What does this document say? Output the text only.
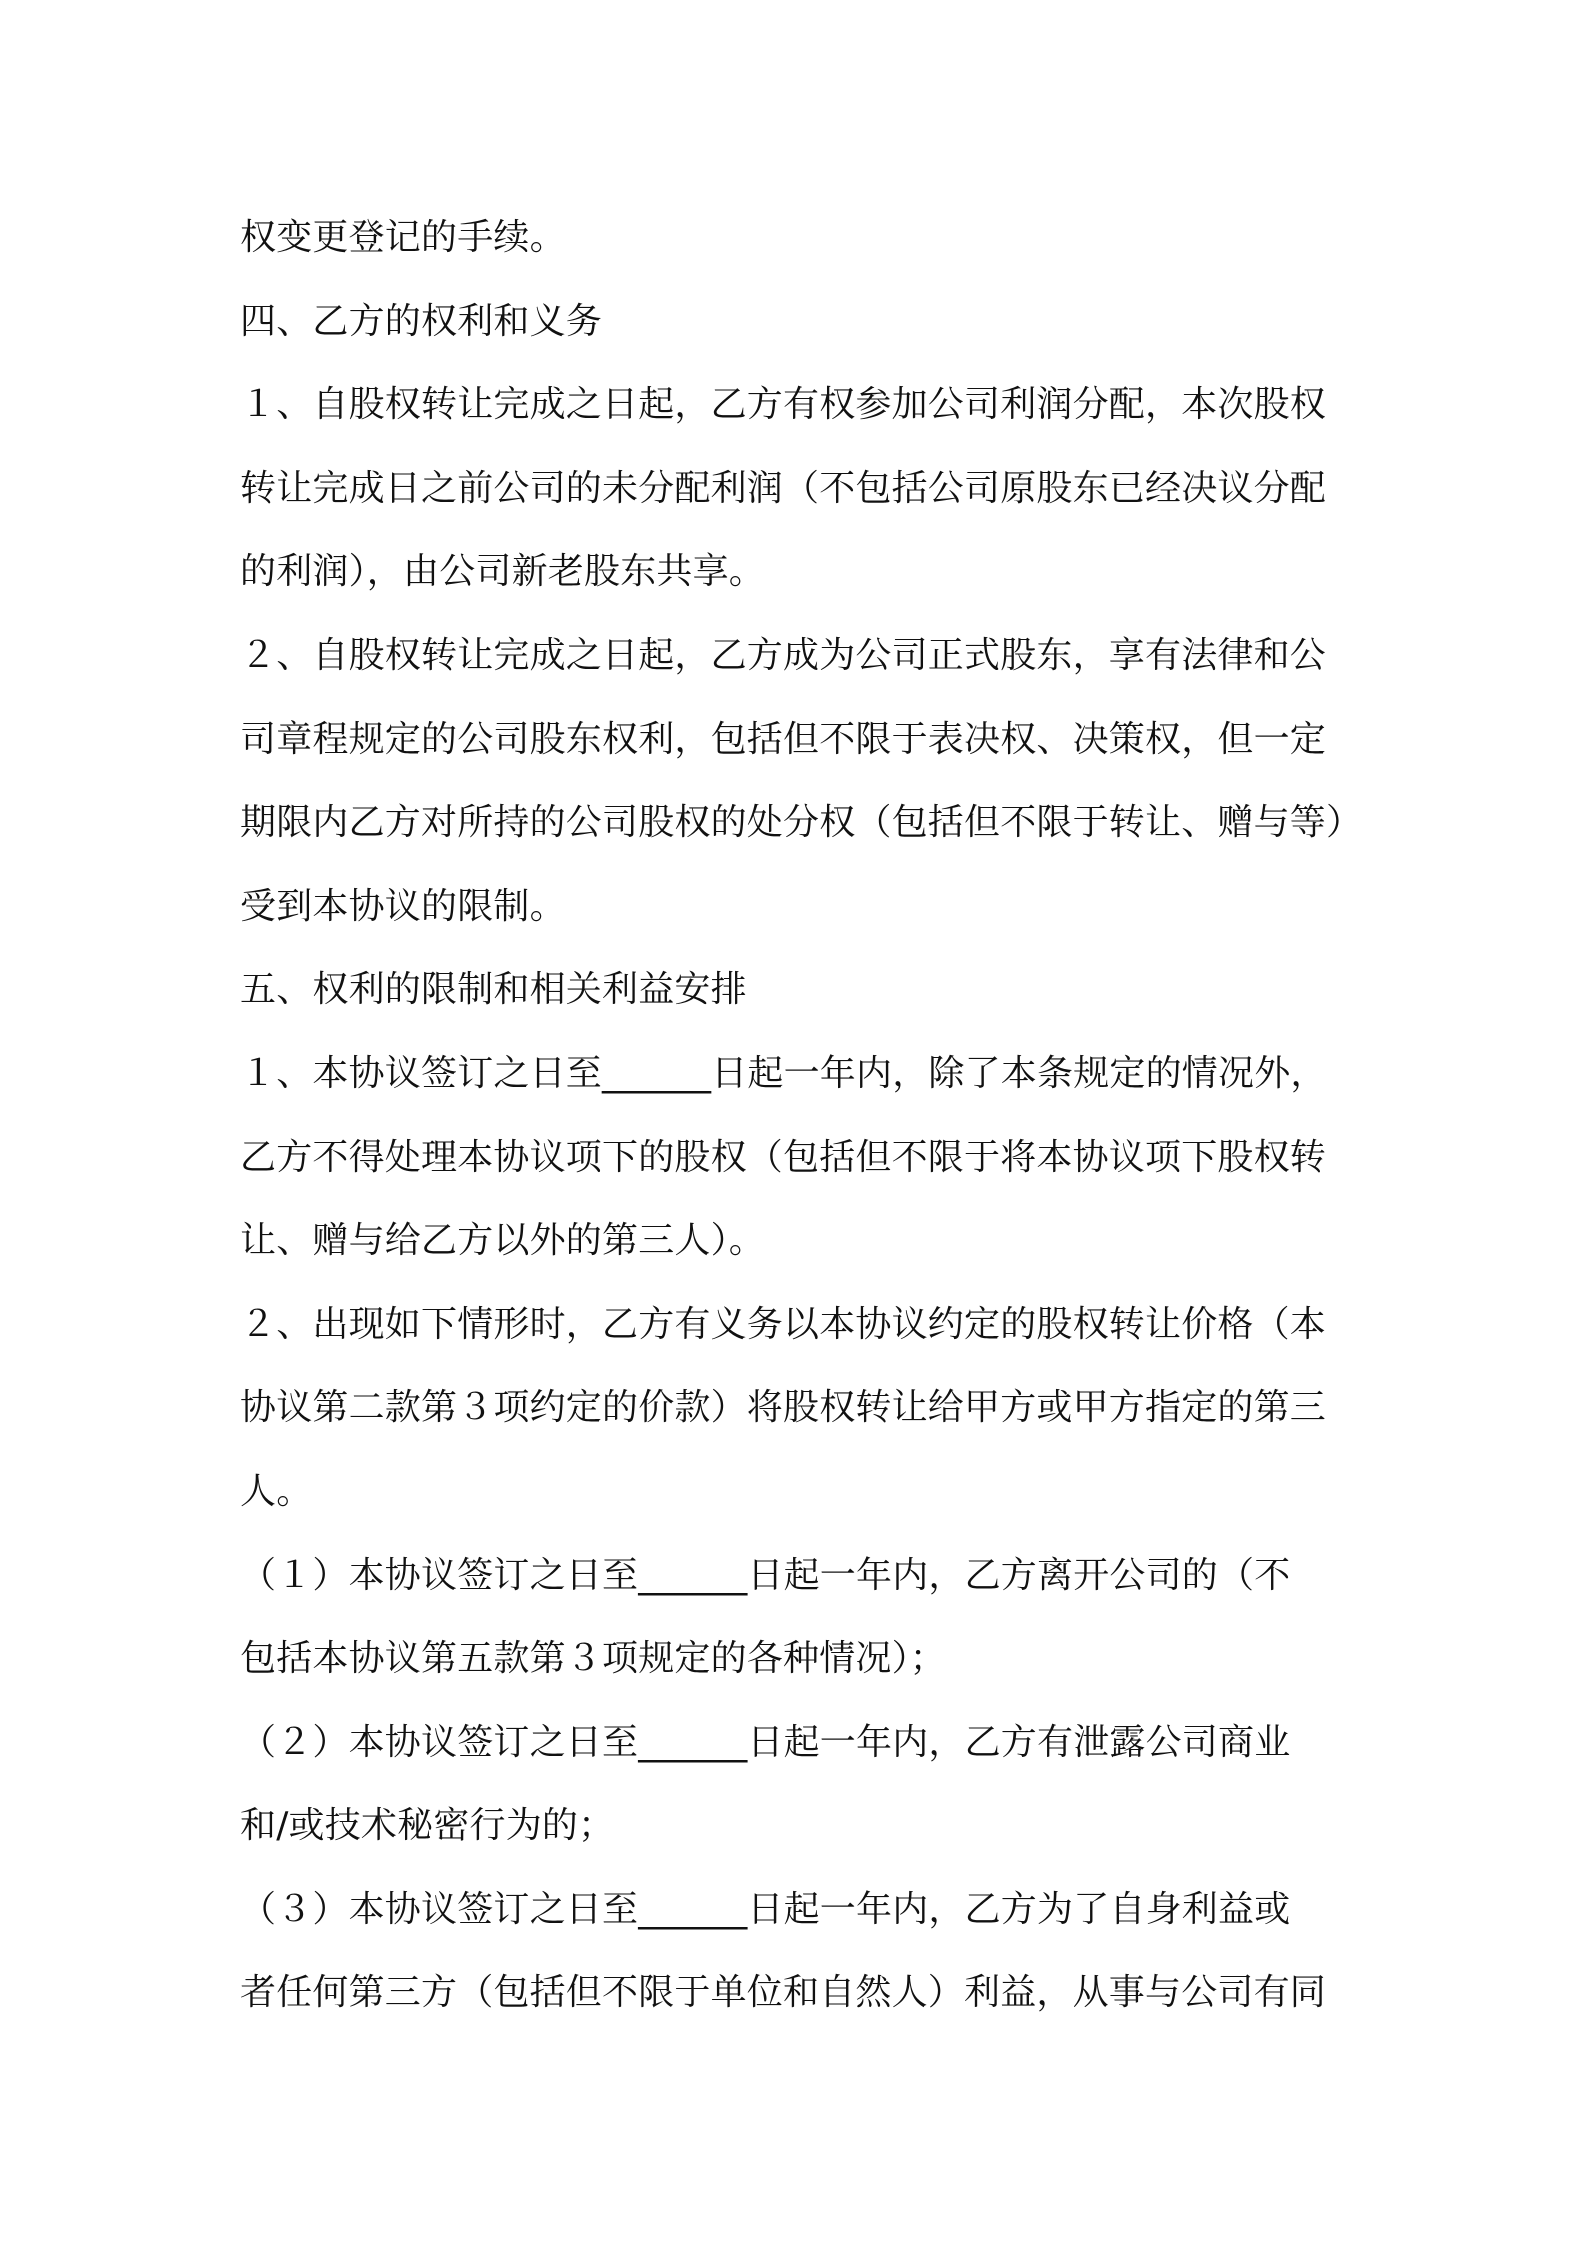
权变更登记的手续。
四、乙方的权利和义务
１、自股权转让完成之日起，乙方有权参加公司利润分配，本次股权
转让完成日之前公司的未分配利润（不包括公司原股东已经决议分配
的利润），由公司新老股东共享。
２、自股权转让完成之日起，乙方成为公司正式股东，享有法律和公
司章程规定的公司股东权利，包括但不限于表决权、决策权，但一定
期限内乙方对所持的公司股权的处分权（包括但不限于转让、赠与等）
受到本协议的限制。
五、权利的限制和相关利益安排
１、本协议签订之日至______日起一年内，除了本条规定的情况外，
乙方不得处理本协议项下的股权（包括但不限于将本协议项下股权转
让、赠与给乙方以外的第三人）。
２、出现如下情形时，乙方有义务以本协议约定的股权转让价格（本
协议第二款第３项约定的价款）将股权转让给甲方或甲方指定的第三
人。
（１）本协议签订之日至______日起一年内，乙方离开公司的（不
包括本协议第五款第３项规定的各种情况）；
（２）本协议签订之日至______日起一年内，乙方有泄露公司商业
和/或技术秘密行为的；
（３）本协议签订之日至______日起一年内，乙方为了自身利益或
者任何第三方（包括但不限于单位和自然人）利益，从事与公司有同
